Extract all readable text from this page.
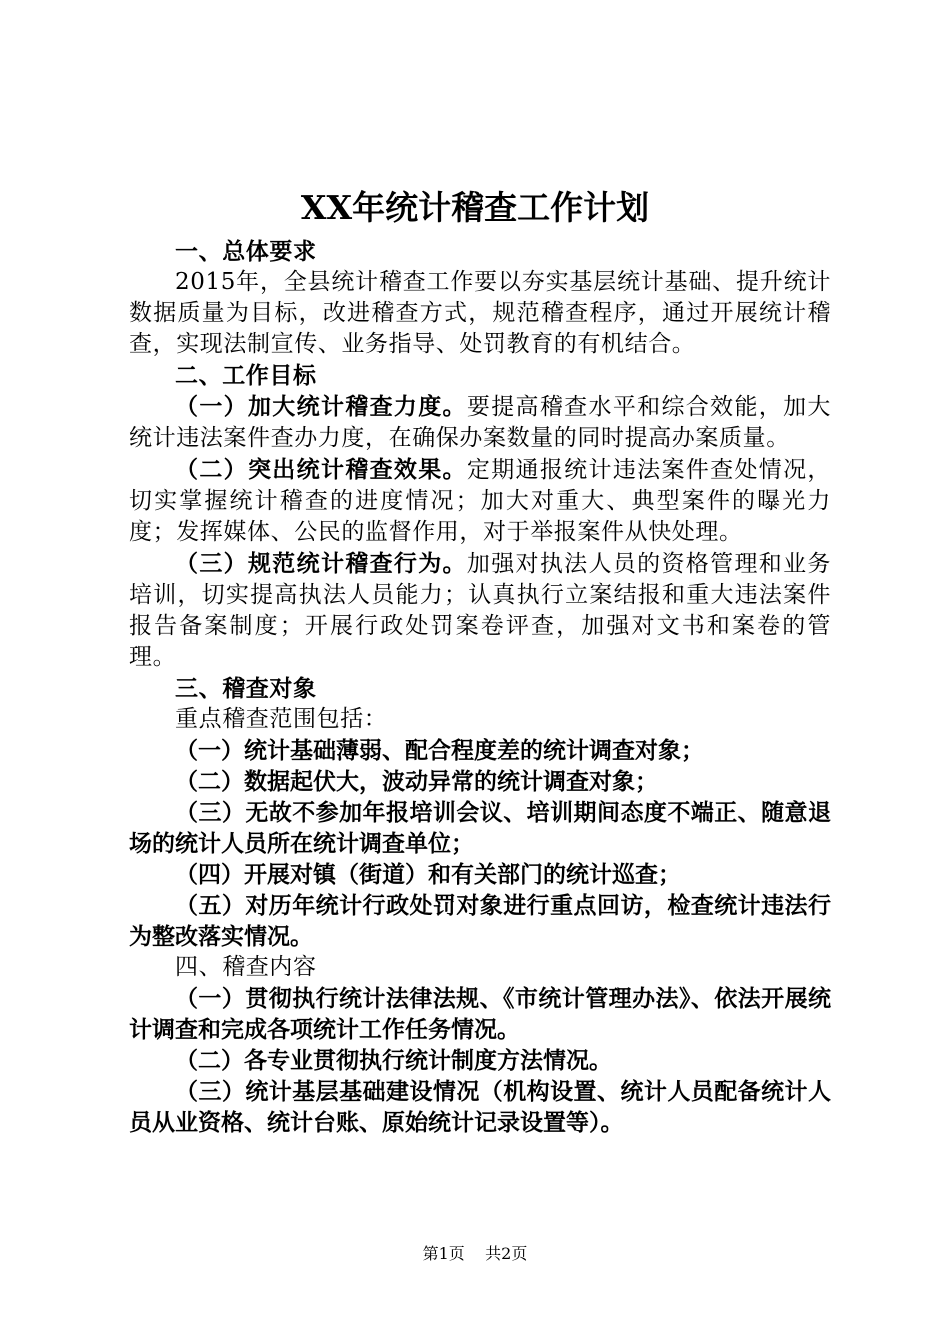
XX年统计稽查工作计划

一、总体要求

2015年，全县统计稽查工作要以夯实基层统计基础、提升统计数据质量为目标，改进稽查方式，规范稽查程序，通过开展统计稽查，实现法制宣传、业务指导、处罚教育的有机结合。

二、工作目标

（一）加大统计稽查力度。要提高稽查水平和综合效能，加大统计违法案件查办力度，在确保办案数量的同时提高办案质量。

（二）突出统计稽查效果。定期通报统计违法案件查处情况，切实掌握统计稽查的进度情况；加大对重大、典型案件的曝光力度；发挥媒体、公民的监督作用，对于举报案件从快处理。

（三）规范统计稽查行为。加强对执法人员的资格管理和业务培训，切实提高执法人员能力；认真执行立案结报和重大违法案件报告备案制度；开展行政处罚案卷评查，加强对文书和案卷的管理。

三、稽查对象

重点稽查范围包括：

（一）统计基础薄弱、配合程度差的统计调查对象；

（二）数据起伏大，波动异常的统计调查对象；

（三）无故不参加年报培训会议、培训期间态度不端正、随意退场的统计人员所在统计调查单位；

（四）开展对镇（街道）和有关部门的统计巡查；

（五）对历年统计行政处罚对象进行重点回访，检查统计违法行为整改落实情况。

四、稽查内容

（一）贯彻执行统计法律法规、《市统计管理办法》、依法开展统计调查和完成各项统计工作任务情况。

（二）各专业贯彻执行统计制度方法情况。

（三）统计基层基础建设情况（机构设置、统计人员配备统计人员从业资格、统计台账、原始统计记录设置等）。

第1页 共2页
